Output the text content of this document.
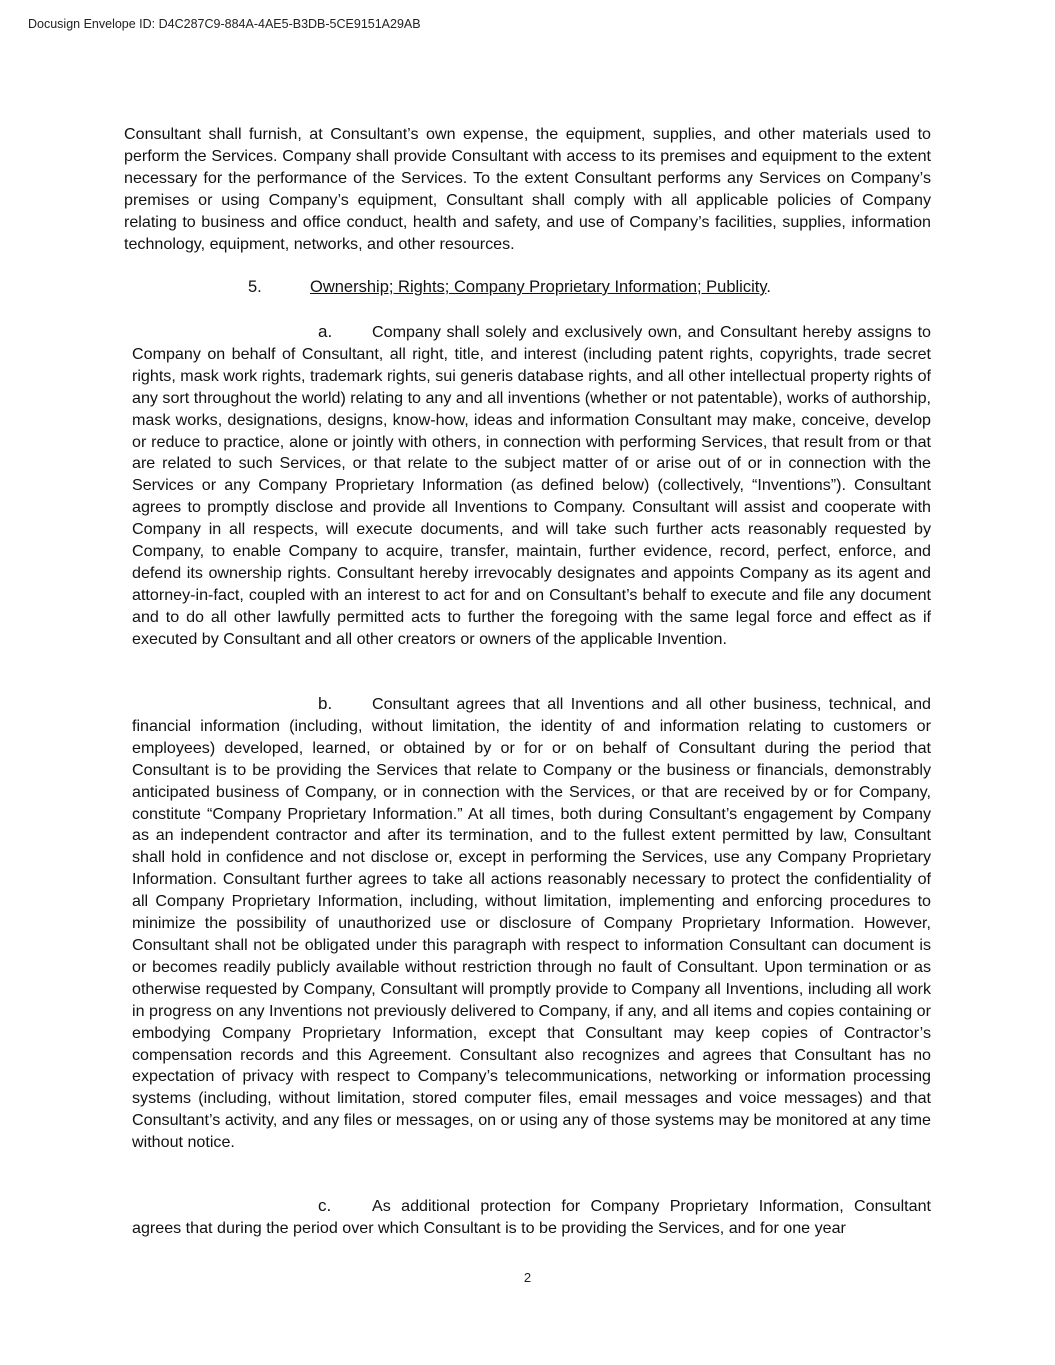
Docusign Envelope ID: D4C287C9-884A-4AE5-B3DB-5CE9151A29AB

Consultant shall furnish, at Consultant’s own expense, the equipment, supplies, and other materials used to perform the Services. Company shall provide Consultant with access to its premises and equipment to the extent necessary for the performance of the Services. To the extent Consultant performs any Services on Company’s premises or using Company’s equipment, Consultant shall comply with all applicable policies of Company relating to business and office conduct, health and safety, and use of Company’s facilities, supplies, information technology, equipment, networks, and other resources.

5.	Ownership; Rights; Company Proprietary Information; Publicity.

a. Company shall solely and exclusively own, and Consultant hereby assigns to Company on behalf of Consultant, all right, title, and interest (including patent rights, copyrights, trade secret rights, mask work rights, trademark rights, sui generis database rights, and all other intellectual property rights of any sort throughout the world) relating to any and all inventions (whether or not patentable), works of authorship, mask works, designations, designs, know-how, ideas and information Consultant may make, conceive, develop or reduce to practice, alone or jointly with others, in connection with performing Services, that result from or that are related to such Services, or that relate to the subject matter of or arise out of or in connection with the Services or any Company Proprietary Information (as defined below) (collectively, “Inventions”). Consultant agrees to promptly disclose and provide all Inventions to Company. Consultant will assist and cooperate with Company in all respects, will execute documents, and will take such further acts reasonably requested by Company, to enable Company to acquire, transfer, maintain, further evidence, record, perfect, enforce, and defend its ownership rights. Consultant hereby irrevocably designates and appoints Company as its agent and attorney-in-fact, coupled with an interest to act for and on Consultant’s behalf to execute and file any document and to do all other lawfully permitted acts to further the foregoing with the same legal force and effect as if executed by Consultant and all other creators or owners of the applicable Invention.

b. Consultant agrees that all Inventions and all other business, technical, and financial information (including, without limitation, the identity of and information relating to customers or employees) developed, learned, or obtained by or for or on behalf of Consultant during the period that Consultant is to be providing the Services that relate to Company or the business or financials, demonstrably anticipated business of Company, or in connection with the Services, or that are received by or for Company, constitute “Company Proprietary Information.” At all times, both during Consultant’s engagement by Company as an independent contractor and after its termination, and to the fullest extent permitted by law, Consultant shall hold in confidence and not disclose or, except in performing the Services, use any Company Proprietary Information. Consultant further agrees to take all actions reasonably necessary to protect the confidentiality of all Company Proprietary Information, including, without limitation, implementing and enforcing procedures to minimize the possibility of unauthorized use or disclosure of Company Proprietary Information. However, Consultant shall not be obligated under this paragraph with respect to information Consultant can document is or becomes readily publicly available without restriction through no fault of Consultant. Upon termination or as otherwise requested by Company, Consultant will promptly provide to Company all Inventions, including all work in progress on any Inventions not previously delivered to Company, if any, and all items and copies containing or embodying Company Proprietary Information, except that Consultant may keep copies of Contractor’s compensation records and this Agreement. Consultant also recognizes and agrees that Consultant has no expectation of privacy with respect to Company’s telecommunications, networking or information processing systems (including, without limitation, stored computer files, email messages and voice messages) and that Consultant’s activity, and any files or messages, on or using any of those systems may be monitored at any time without notice.

c.	As additional protection for Company Proprietary Information, Consultant agrees that during the period over which Consultant is to be providing the Services, and for one year

2
